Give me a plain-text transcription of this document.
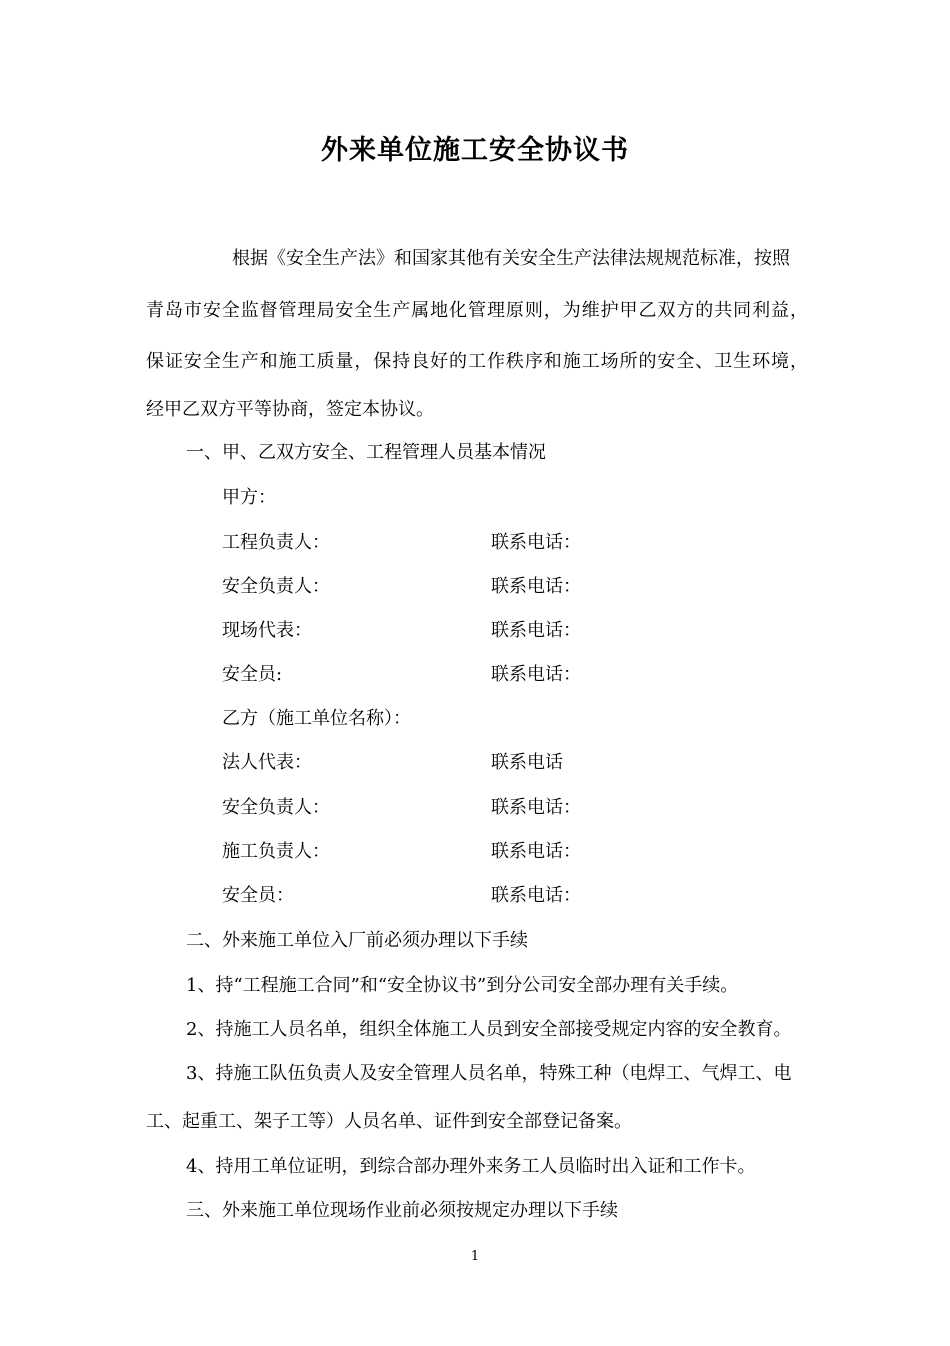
外来单位施工安全协议书
根据《安全生产法》和国家其他有关安全生产法律法规规范标准，按照
青岛市安全监督管理局安全生产属地化管理原则，为维护甲乙双方的共同利益，
保证安全生产和施工质量，保持良好的工作秩序和施工场所的安全、卫生环境，
经甲乙双方平等协商，签定本协议。
一、甲、乙双方安全、工程管理人员基本情况
甲方：
工程负责人：	联系电话：
安全负责人：	联系电话：
现场代表：	联系电话：
安全员:	联系电话：
乙方（施工单位名称）：
法人代表：	联系电话
安全负责人：	联系电话：
施工负责人：	联系电话：
安全员：	联系电话：
二、外来施工单位入厂前必须办理以下手续
1、持“工程施工合同”和“安全协议书”到分公司安全部办理有关手续。
2、持施工人员名单，组织全体施工人员到安全部接受规定内容的安全教育。
3、持施工队伍负责人及安全管理人员名单，特殊工种（电焊工、气焊工、电
工、起重工、架子工等）人员名单、证件到安全部登记备案。
4、持用工单位证明，到综合部办理外来务工人员临时出入证和工作卡。
三、外来施工单位现场作业前必须按规定办理以下手续
1
